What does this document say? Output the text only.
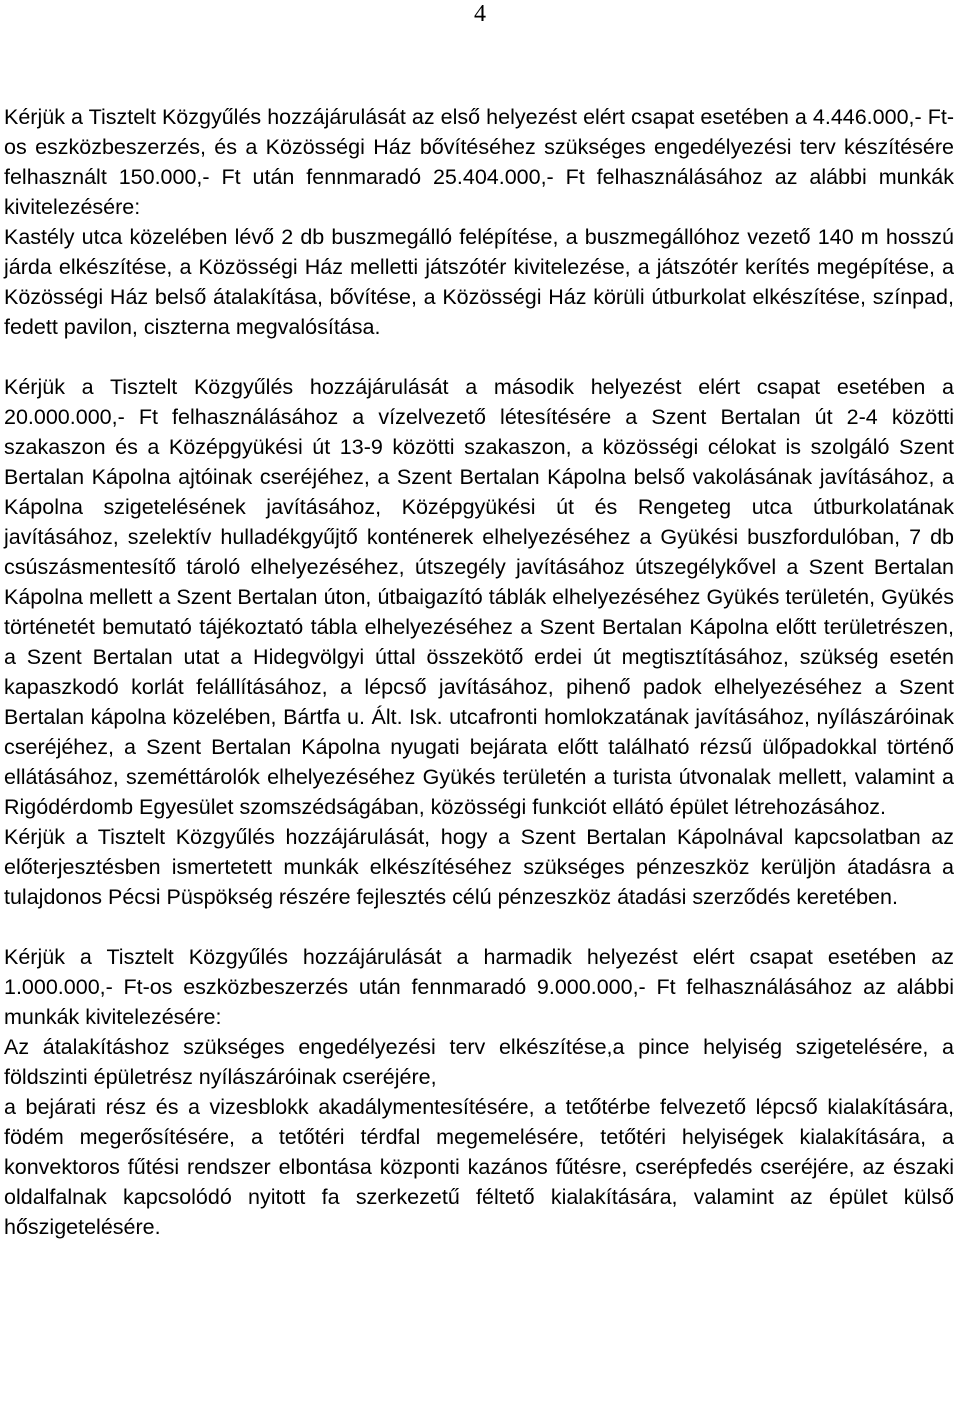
4

Kérjük a Tisztelt Közgyűlés hozzájárulását az első helyezést elért csapat esetében a 4.446.000,- Ft-os eszközbeszerzés, és a Közösségi Ház bővítéséhez szükséges engedélyezési terv készítésére felhasznált 150.000,- Ft után fennmaradó 25.404.000,- Ft felhasználásához az alábbi munkák kivitelezésére:
Kastély utca közelében lévő 2 db buszmegálló felépítése, a buszmegállóhoz vezető 140 m hosszú járda elkészítése, a Közösségi Ház melletti játszótér kivitelezése, a játszótér kerítés megépítése, a Közösségi Ház belső átalakítása, bővítése, a Közösségi Ház körüli útburkolat elkészítése, színpad, fedett pavilon, ciszterna megvalósítása.

Kérjük a Tisztelt Közgyűlés hozzájárulását a második helyezést elért csapat esetében a 20.000.000,- Ft felhasználásához a vízelvezető létesítésére a Szent Bertalan út 2-4 közötti szakaszon és a Középgyükési út 13-9 közötti szakaszon, a közösségi célokat is szolgáló Szent Bertalan Kápolna ajtóinak cseréjéhez, a Szent Bertalan Kápolna belső vakolásának javításához, a Kápolna szigetelésének javításához, Középgyükési út és Rengeteg utca útburkolatának javításához, szelektív hulladékgyűjtő konténerek elhelyezéséhez a Gyükési buszfordulóban, 7 db csúszásmentesítő tároló elhelyezéséhez, útszegély javításához útszegélykővel a Szent Bertalan Kápolna mellett a Szent Bertalan úton, útbaigazító táblák elhelyezéséhez Gyükés területén, Gyükés történetét bemutató tájékoztató tábla elhelyezéséhez a Szent Bertalan Kápolna előtt területrészen, a Szent Bertalan utat a Hidegvölgyi úttal összekötő erdei út megtisztításához, szükség esetén kapaszkodó korlát felállításához, a lépcső javításához, pihenő padok elhelyezéséhez a Szent Bertalan kápolna közelében, Bártfa u. Ált. Isk. utcafronti homlokzatának javításához, nyílászáróinak cseréjéhez, a Szent Bertalan Kápolna nyugati bejárata előtt található rézsű ülőpadokkal történő ellátásához, szeméttárolók elhelyezéséhez Gyükés területén a turista útvonalak mellett, valamint a Rigódérdomb Egyesület szomszédságában, közösségi funkciót ellátó épület létrehozásához.
Kérjük a Tisztelt Közgyűlés hozzájárulását, hogy a Szent Bertalan Kápolnával kapcsolatban az előterjesztésben ismertetett munkák elkészítéséhez szükséges pénzeszköz kerüljön átadásra a tulajdonos Pécsi Püspökség részére fejlesztés célú pénzeszköz átadási szerződés keretében.

Kérjük a Tisztelt Közgyűlés hozzájárulását a harmadik helyezést elért csapat esetében az 1.000.000,- Ft-os eszközbeszerzés után fennmaradó 9.000.000,- Ft felhasználásához az alábbi munkák kivitelezésére:
Az átalakításhoz szükséges engedélyezési terv elkészítése,a pince helyiség szigetelésére, a földszinti épületrész nyílászáróinak cseréjére,
a bejárati rész és a vizesblokk akadálymentesítésére, a tetőtérbe felvezető lépcső kialakítására, födém megerősítésére, a tetőtéri térdfal megemelésére, tetőtéri helyiségek kialakítására, a konvektoros fűtési rendszer elbontása központi kazános fűtésre, cserépfedés cseréjére, az északi oldalfalnak kapcsolódó nyitott fa szerkezetű féltető kialakítására, valamint az épület külső hőszigetelésére.
